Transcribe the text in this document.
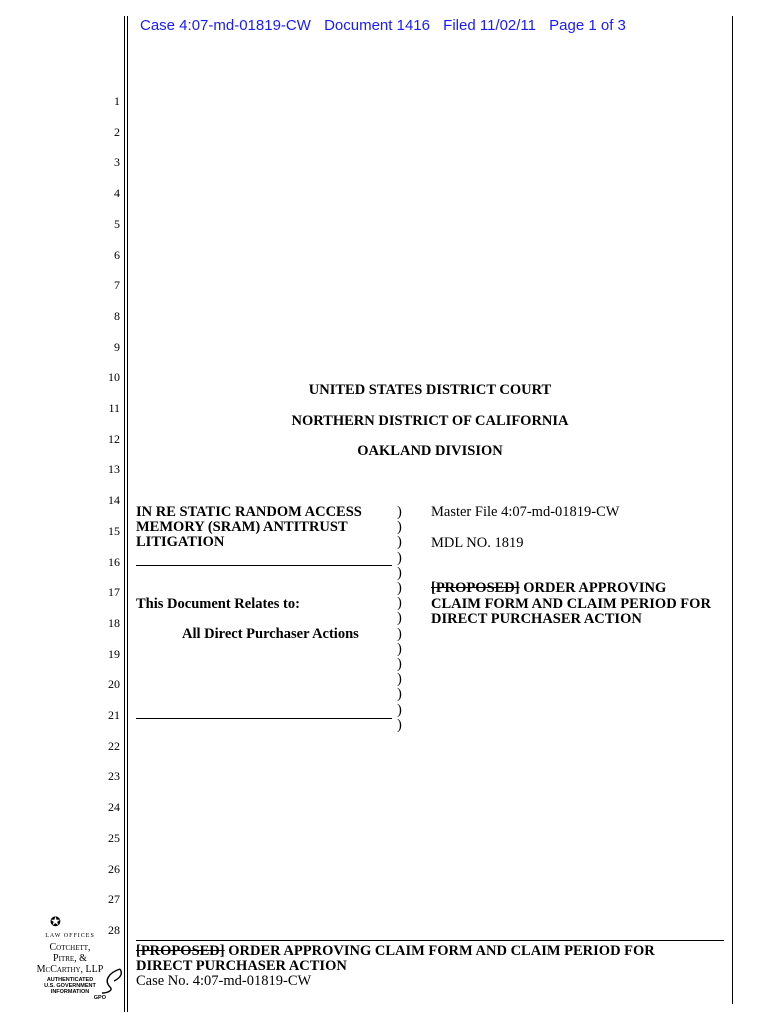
Case 4:07-md-01819-CW Document 1416 Filed 11/02/11 Page 1 of 3
1
2
3
4
5
6
7
8
9
10
11
12
13
14
15
16
17
18
19
20
21
22
23
24
25
26
27
28
UNITED STATES DISTRICT COURT
NORTHERN DISTRICT OF CALIFORNIA
OAKLAND DIVISION
IN RE STATIC RANDOM ACCESS
MEMORY (SRAM) ANTITRUST
LITIGATION
This Document Relates to:
All Direct Purchaser Actions
)
)
)
)
)
)
)
)
)
)
)
)
)
)
)
Master File 4:07-md-01819-CW
MDL NO. 1819
[PROPOSED] ORDER APPROVING
CLAIM FORM AND CLAIM PERIOD FOR
DIRECT PURCHASER ACTION
[PROPOSED] ORDER APPROVING CLAIM FORM AND CLAIM PERIOD FOR
DIRECT PURCHASER ACTION
Case No. 4:07-md-01819-CW
✪
LAW OFFICES
Cotchett,
Pitre, &
McCarthy, LLP
AUTHENTICATED
U.S. GOVERNMENT
INFORMATION
GPO
